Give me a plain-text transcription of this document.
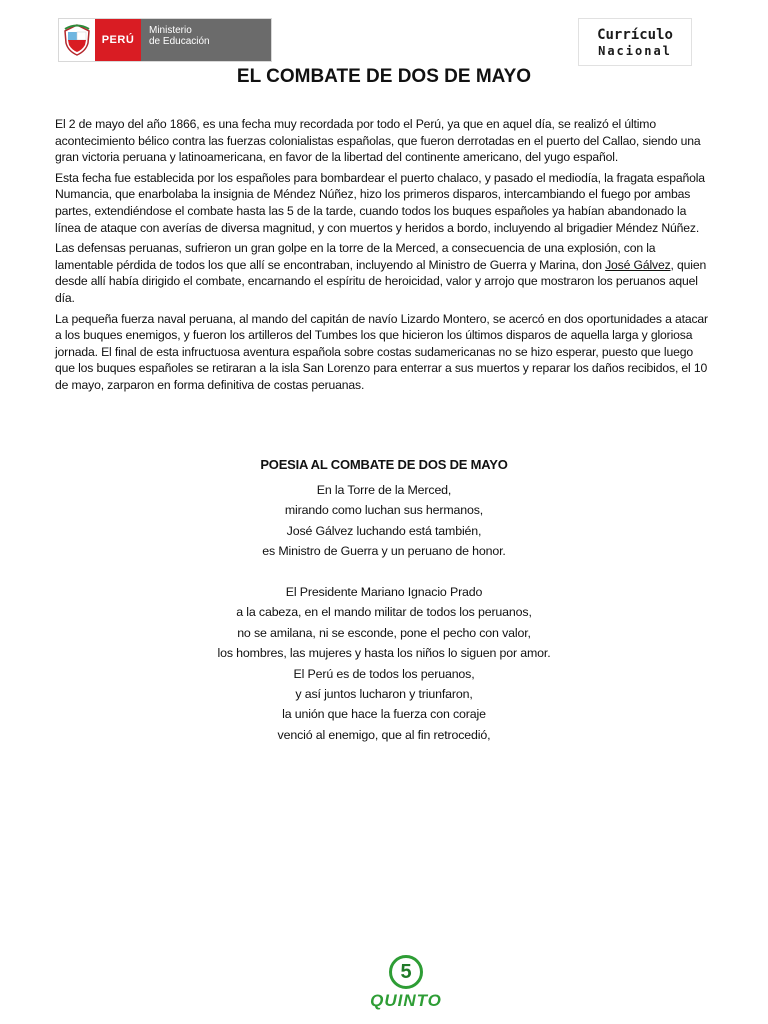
PERÚ
Ministerio
de Educación	Currículo
Nacional
EL COMBATE DE DOS DE MAYO

El 2 de mayo del año 1866, es una fecha muy recordada por todo el Perú, ya que en aquel día, se realizó el último acontecimiento bélico contra las fuerzas colonialistas españolas, que fueron derrotadas en el puerto del Callao, siendo una gran victoria peruana y latinoamericana, en favor de la libertad del continente americano, del yugo español.

Esta fecha fue establecida por los españoles para bombardear el puerto chalaco, y pasado el mediodía, la fragata española Numancia, que enarbolaba la insignia de Méndez Núñez, hizo los primeros disparos, intercambiando el fuego por ambas partes, extendiéndose el combate hasta las 5 de la tarde, cuando todos los buques españoles ya habían abandonado la línea de ataque con averías de diversa magnitud, y con muertos y heridos a bordo, incluyendo al brigadier Méndez Núñez.

Las defensas peruanas, sufrieron un gran golpe en la torre de la Merced, a consecuencia de una explosión, con la lamentable pérdida de todos los que allí se encontraban, incluyendo al Ministro de Guerra y Marina, don José Gálvez, quien desde allí había dirigido el combate, encarnando el espíritu de heroicidad, valor y arrojo que mostraron los peruanos aquel día.

La pequeña fuerza naval peruana, al mando del capitán de navío Lizardo Montero, se acercó en dos oportunidades a atacar a los buques enemigos, y fueron los artilleros del Tumbes los que hicieron los últimos disparos de aquella larga y gloriosa jornada. El final de esta infructuosa aventura española sobre costas sudamericanas no se hizo esperar, puesto que luego que los buques españoles se retiraran a la isla San Lorenzo para enterrar a sus muertos y reparar los daños recibidos, el 10 de mayo, zarparon en forma definitiva de costas peruanas.

POESIA AL COMBATE DE DOS DE MAYO
En la Torre de la Merced,
mirando como luchan sus hermanos,
José Gálvez luchando está también,
es Ministro de Guerra y un peruano de honor.
El Presidente Mariano Ignacio Prado
a la cabeza, en el mando militar de todos los peruanos,
no se amilana, ni se esconde, pone el pecho con valor,
los hombres, las mujeres y hasta los niños lo siguen por amor.
El Perú es de todos los peruanos,
y así juntos lucharon y triunfaron,
la unión que hace la fuerza con coraje
venció al enemigo, que al fin retrocedió,
5
QUINTO
